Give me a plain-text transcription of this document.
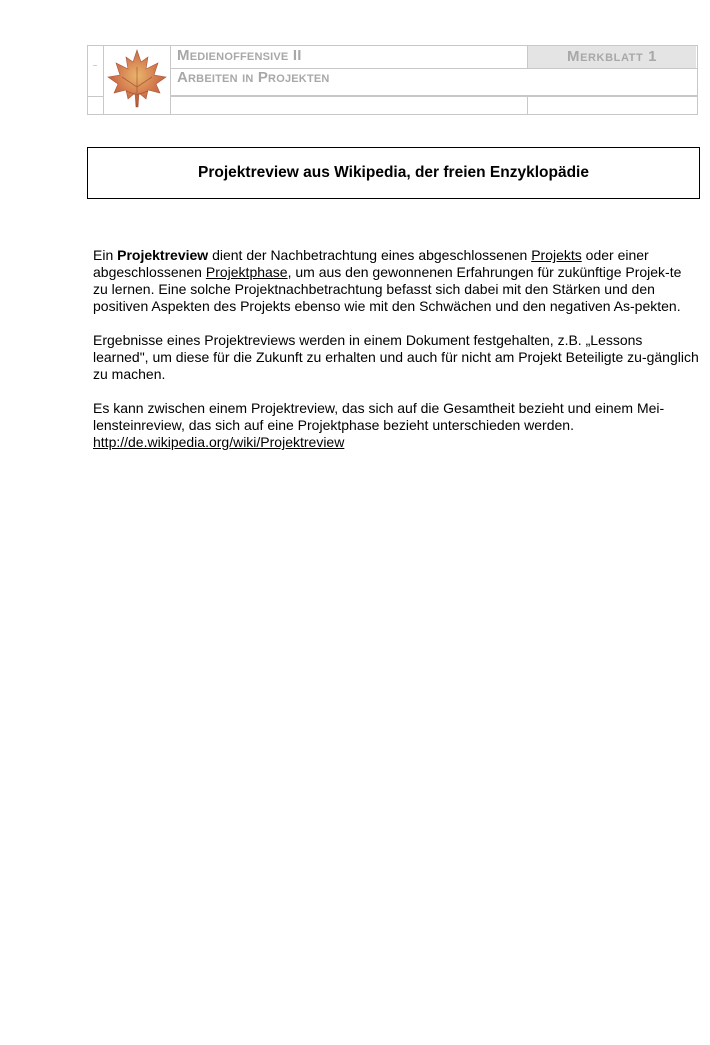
_	Medienoffensive II
Arbeiten in Projekten
Merkblatt 1
Projektreview aus Wikipedia, der freien Enzyklopädie

Ein Projektreview dient der Nachbetrachtung eines abgeschlossenen Projekts oder einer abgeschlossenen Projektphase, um aus den gewonnenen Erfahrungen für zukünftige Projek-te zu lernen. Eine solche Projektnachbetrachtung befasst sich dabei mit den Stärken und den positiven Aspekten des Projekts ebenso wie mit den Schwächen und den negativen As-pekten.

Ergebnisse eines Projektreviews werden in einem Dokument festgehalten, z.B. „Lessons learned", um diese für die Zukunft zu erhalten und auch für nicht am Projekt Beteiligte zu-gänglich zu machen.

Es kann zwischen einem Projektreview, das sich auf die Gesamtheit bezieht und einem Mei-lensteinreview, das sich auf eine Projektphase bezieht unterschieden werden.

http://de.wikipedia.org/wiki/Projektreview
